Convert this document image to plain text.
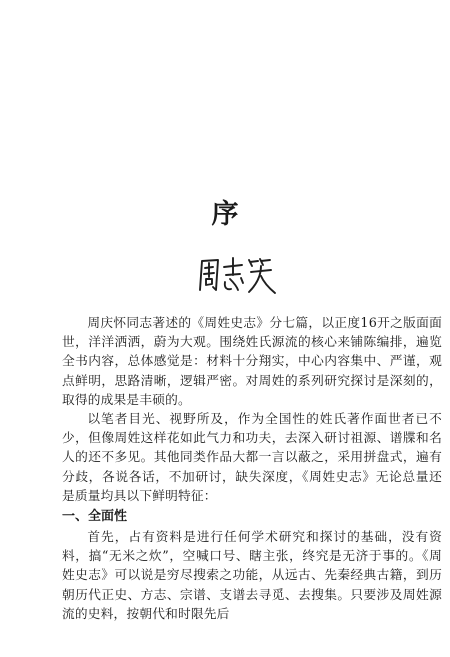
序

周庆怀同志著述的《周姓史志》分七篇，以正度16开之版面面世，洋洋洒洒，蔚为大观。围绕姓氏源流的核心来铺陈编排，遍览全书内容，总体感觉是：材料十分翔实，中心内容集中、严谨，观点鲜明，思路清晰，逻辑严密。对周姓的系列研究探讨是深刻的，取得的成果是丰硕的。

以笔者目光、视野所及，作为全国性的姓氏著作面世者已不少，但像周姓这样花如此气力和功夫，去深入研讨祖源、谱牒和名人的还不多见。其他同类作品大都一言以蔽之，采用拼盘式，遍有分歧，各说各话，不加研讨，缺失深度，《周姓史志》无论总量还是质量均具以下鲜明特征：

一、全面性

首先，占有资料是进行任何学术研究和探讨的基础，没有资料，搞“无米之炊”，空喊口号、瞎主张，终究是无济于事的。《周姓史志》可以说是穷尽搜索之功能，从远古、先秦经典古籍，到历朝历代正史、方志、宗谱、支谱去寻觅、去搜集。只要涉及周姓源流的史料，按朝代和时限先后
